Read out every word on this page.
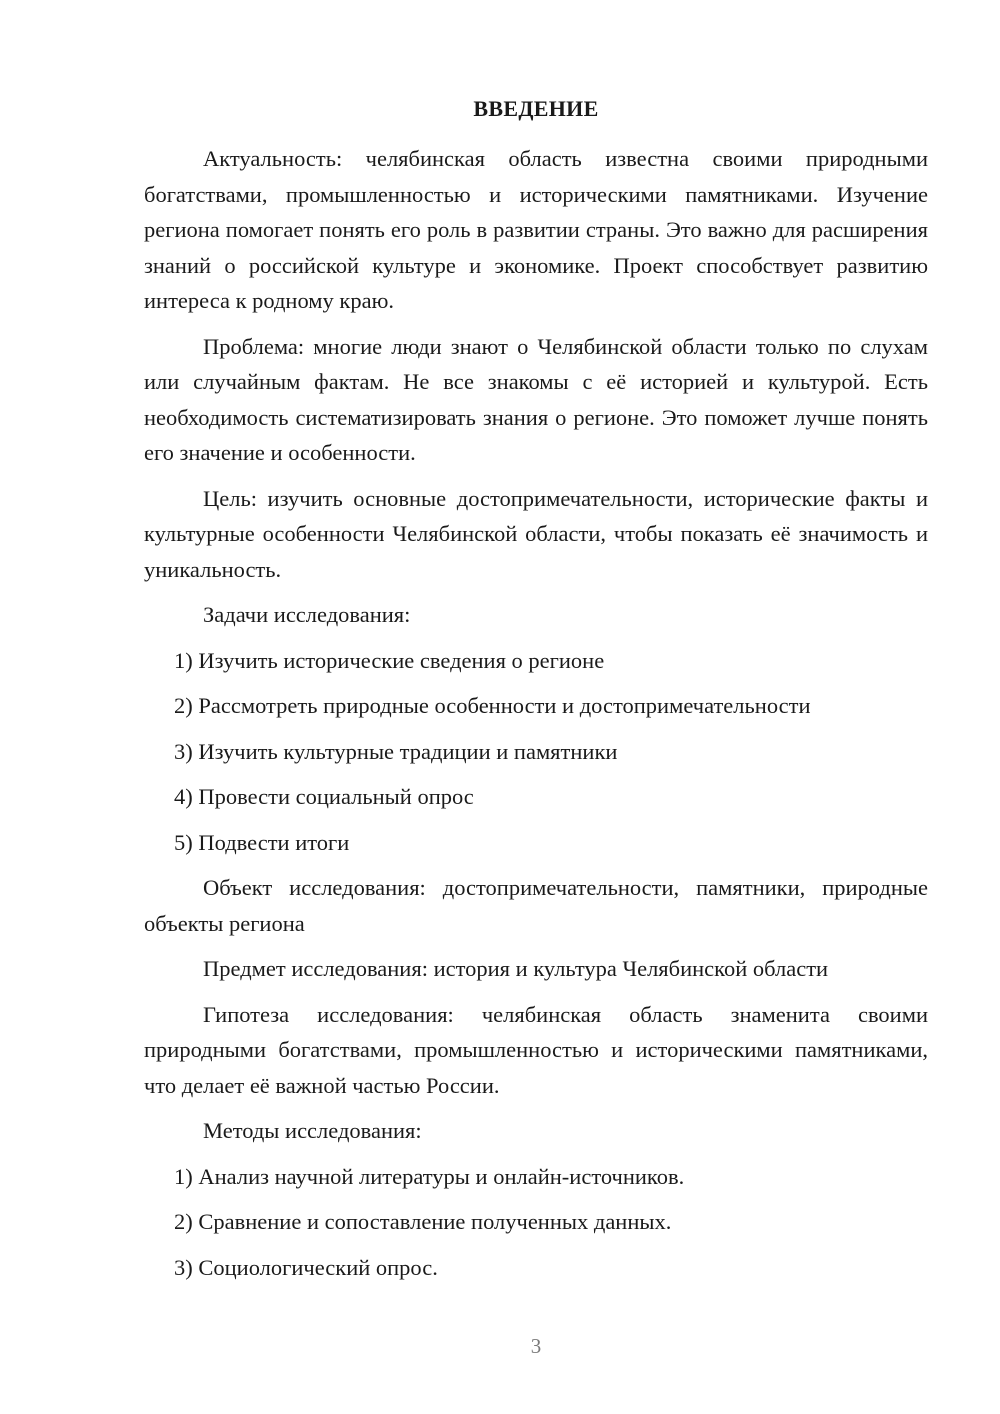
ВВЕДЕНИЕ

Актуальность: челябинская область известна своими природными богатствами, промышленностью и историческими памятниками. Изучение региона помогает понять его роль в развитии страны. Это важно для расширения знаний о российской культуре и экономике. Проект способствует развитию интереса к родному краю.

Проблема: многие люди знают о Челябинской области только по слухам или случайным фактам. Не все знакомы с её историей и культурой. Есть необходимость систематизировать знания о регионе. Это поможет лучше понять его значение и особенности.

Цель: изучить основные достопримечательности, исторические факты и культурные особенности Челябинской области, чтобы показать её значимость и уникальность.

Задачи исследования:

1) Изучить исторические сведения о регионе

2) Рассмотреть природные особенности и достопримечательности

3) Изучить культурные традиции и памятники

4) Провести социальный опрос

5) Подвести итоги

Объект исследования: достопримечательности, памятники, природные объекты региона

Предмет исследования: история и культура Челябинской области

Гипотеза исследования: челябинская область знаменита своими природными богатствами, промышленностью и историческими памятниками, что делает её важной частью России.

Методы исследования:

1) Анализ научной литературы и онлайн-источников.

2) Сравнение и сопоставление полученных данных.

3) Социологический опрос.

3
